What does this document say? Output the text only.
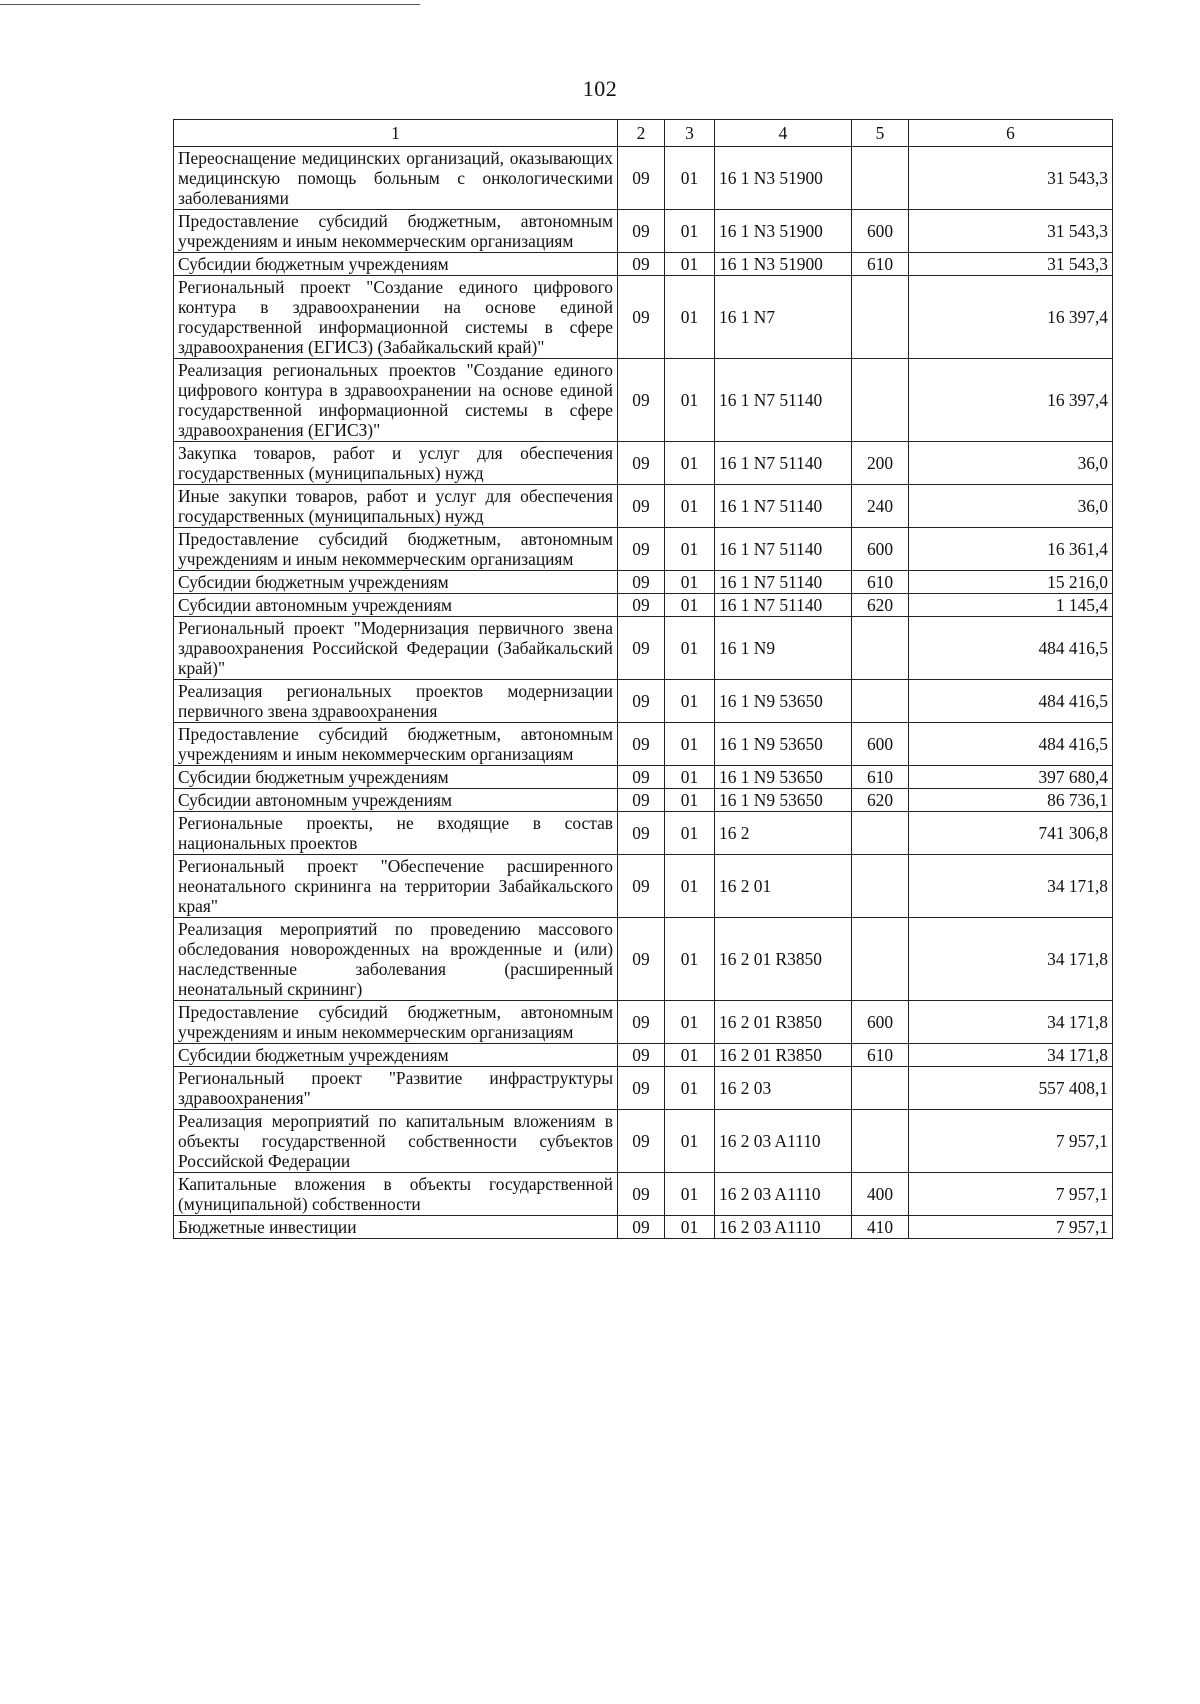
102
1	2	3	4	5	6
Переоснащение медицинских организаций, оказывающих медицинскую помощь больным с онкологическими заболеваниями	09	01	16 1 N3 51900		31 543,3
Предоставление субсидий бюджетным, автономным учреждениям и иным некоммерческим организациям	09	01	16 1 N3 51900	600	31 543,3
Субсидии бюджетным учреждениям	09	01	16 1 N3 51900	610	31 543,3
Региональный проект "Создание единого цифрового контура в здравоохранении на основе единой государственной информационной системы в сфере здравоохранения (ЕГИСЗ) (Забайкальский край)"	09	01	16 1 N7		16 397,4
Реализация региональных проектов "Создание единого цифрового контура в здравоохранении на основе единой государственной информационной системы в сфере здравоохранения (ЕГИСЗ)"	09	01	16 1 N7 51140		16 397,4
Закупка товаров, работ и услуг для обеспечения государственных (муниципальных) нужд	09	01	16 1 N7 51140	200	36,0
Иные закупки товаров, работ и услуг для обеспечения государственных (муниципальных) нужд	09	01	16 1 N7 51140	240	36,0
Предоставление субсидий бюджетным, автономным учреждениям и иным некоммерческим организациям	09	01	16 1 N7 51140	600	16 361,4
Субсидии бюджетным учреждениям	09	01	16 1 N7 51140	610	15 216,0
Субсидии автономным учреждениям	09	01	16 1 N7 51140	620	1 145,4
Региональный проект "Модернизация первичного звена здравоохранения Российской Федерации (Забайкальский край)"	09	01	16 1 N9		484 416,5
Реализация региональных проектов модернизации первичного звена здравоохранения	09	01	16 1 N9 53650		484 416,5
Предоставление субсидий бюджетным, автономным учреждениям и иным некоммерческим организациям	09	01	16 1 N9 53650	600	484 416,5
Субсидии бюджетным учреждениям	09	01	16 1 N9 53650	610	397 680,4
Субсидии автономным учреждениям	09	01	16 1 N9 53650	620	86 736,1
Региональные проекты, не входящие в состав национальных проектов	09	01	16 2		741 306,8
Региональный проект "Обеспечение расширенного неонатального скрининга на территории Забайкальского края"	09	01	16 2 01		34 171,8
Реализация мероприятий по проведению массового обследования новорожденных на врожденные и (или) наследственные заболевания (расширенный неонатальный скрининг)	09	01	16 2 01 R3850		34 171,8
Предоставление субсидий бюджетным, автономным учреждениям и иным некоммерческим организациям	09	01	16 2 01 R3850	600	34 171,8
Субсидии бюджетным учреждениям	09	01	16 2 01 R3850	610	34 171,8
Региональный проект "Развитие инфраструктуры здравоохранения"	09	01	16 2 03		557 408,1
Реализация мероприятий по капитальным вложениям в объекты государственной собственности субъектов Российской Федерации	09	01	16 2 03 A1110		7 957,1
Капитальные вложения в объекты государственной (муниципальной) собственности	09	01	16 2 03 A1110	400	7 957,1
Бюджетные инвестиции	09	01	16 2 03 A1110	410	7 957,1
